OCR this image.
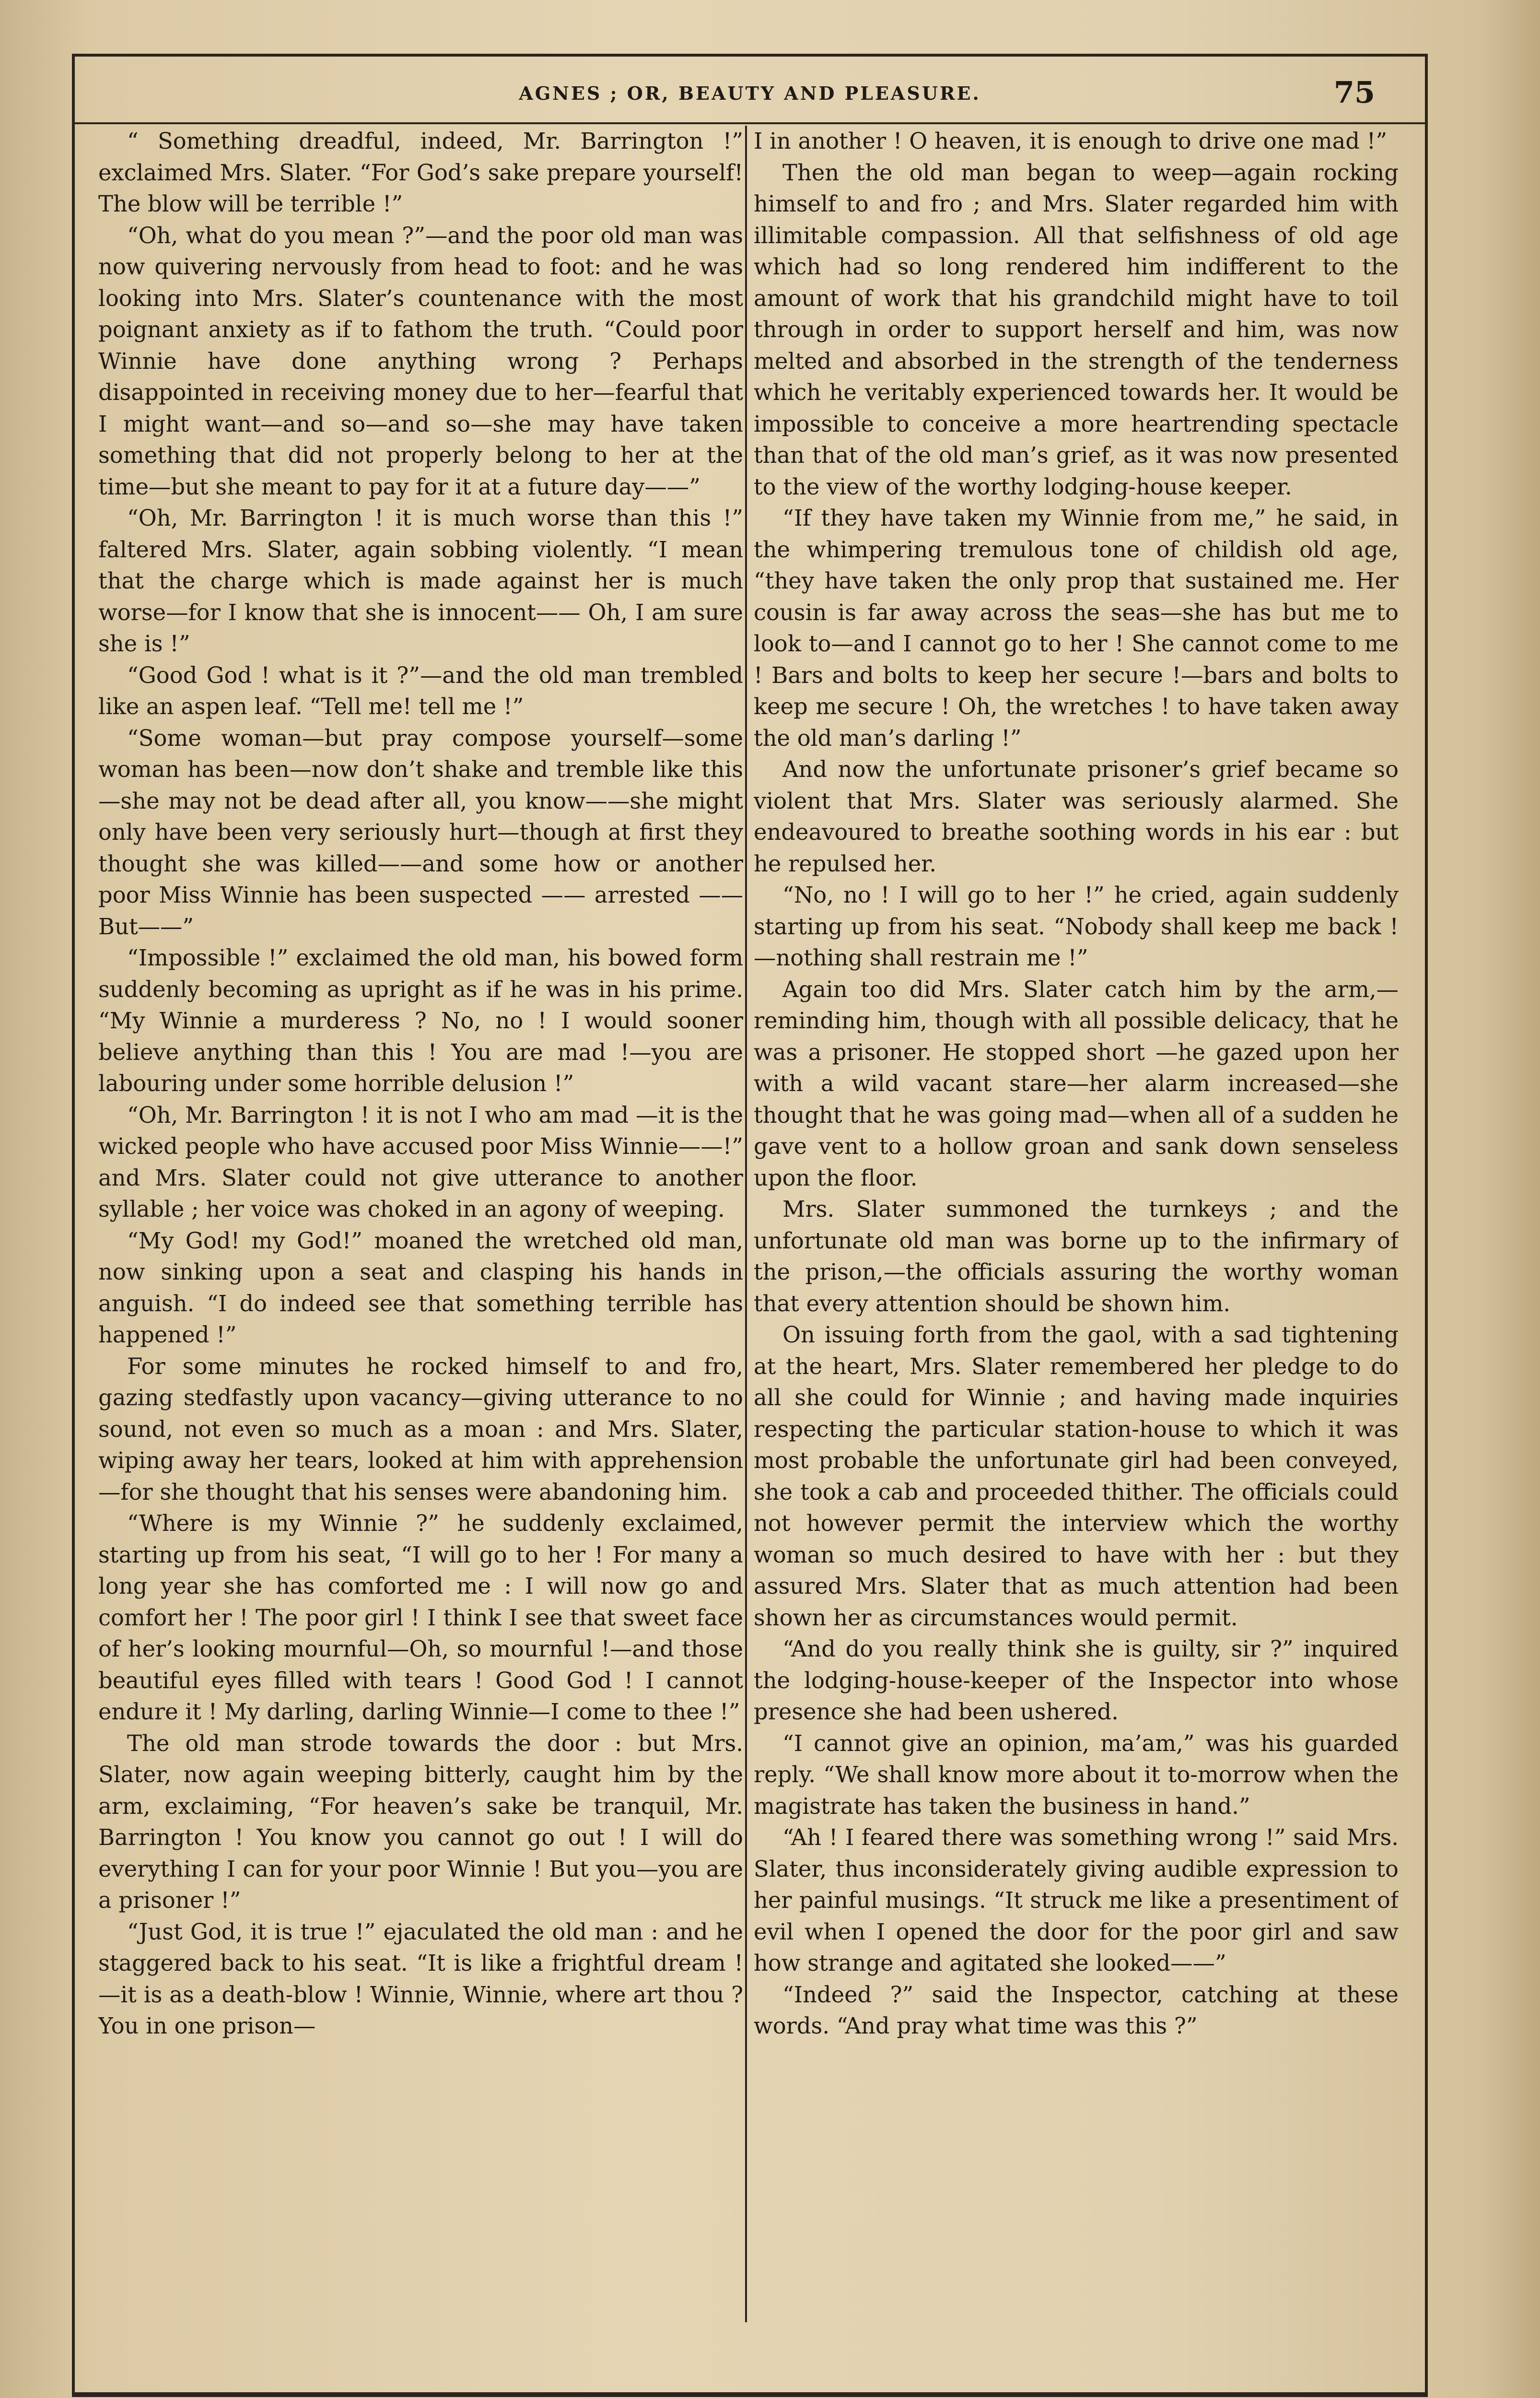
AGNES ; OR, BEAUTY AND PLEASURE.	75

“ Something dreadful, indeed, Mr. Barrington !” exclaimed Mrs. Slater. “For God’s sake prepare yourself! The blow will be terrible !”

“Oh, what do you mean ?”—and the poor old man was now quivering nervously from head to foot: and he was looking into Mrs. Slater’s countenance with the most poignant anxiety as if to fathom the truth. “Could poor Winnie have done anything wrong ? Perhaps disappointed in receiving money due to her—fearful that I might want—and so—and so—she may have taken something that did not properly belong to her at the time—but she meant to pay for it at a future day——”

“Oh, Mr. Barrington ! it is much worse than this !” faltered Mrs. Slater, again sobbing violently. “I mean that the charge which is made against her is much worse—for I know that she is innocent—— Oh, I am sure she is !”

“Good God ! what is it ?”—and the old man trembled like an aspen leaf. “Tell me! tell me !”

“Some woman—but pray compose yourself—some woman has been—now don’t shake and tremble like this—she may not be dead after all, you know——she might only have been very seriously hurt—though at first they thought she was killed——and some how or another poor Miss Winnie has been suspected —— arrested —— But——”

“Impossible !” exclaimed the old man, his bowed form suddenly becoming as upright as if he was in his prime. “My Winnie a murderess ? No, no ! I would sooner believe anything than this ! You are mad !—you are labouring under some horrible delusion !”

“Oh, Mr. Barrington ! it is not I who am mad —it is the wicked people who have accused poor Miss Winnie——!” and Mrs. Slater could not give utterance to another syllable ; her voice was choked in an agony of weeping.

“My God! my God!” moaned the wretched old man, now sinking upon a seat and clasping his hands in anguish. “I do indeed see that something terrible has happened !”

For some minutes he rocked himself to and fro, gazing stedfastly upon vacancy—giving utterance to no sound, not even so much as a moan : and Mrs. Slater, wiping away her tears, looked at him with apprehension—for she thought that his senses were abandoning him.

“Where is my Winnie ?” he suddenly exclaimed, starting up from his seat, “I will go to her ! For many a long year she has comforted me : I will now go and comfort her ! The poor girl ! I think I see that sweet face of her’s looking mournful—Oh, so mournful !—and those beautiful eyes filled with tears ! Good God ! I cannot endure it ! My darling, darling Winnie—I come to thee !”

The old man strode towards the door : but Mrs. Slater, now again weeping bitterly, caught him by the arm, exclaiming, “For heaven’s sake be tranquil, Mr. Barrington ! You know you cannot go out ! I will do everything I can for your poor Winnie ! But you—you are a prisoner !”

“Just God, it is true !” ejaculated the old man : and he staggered back to his seat. “It is like a frightful dream !—it is as a death-blow ! Winnie, Winnie, where art thou ? You in one prison—

I in another ! O heaven, it is enough to drive one mad !”

Then the old man began to weep—again rocking himself to and fro ; and Mrs. Slater regarded him with illimitable compassion. All that selfishness of old age which had so long rendered him indifferent to the amount of work that his grandchild might have to toil through in order to support herself and him, was now melted and absorbed in the strength of the tenderness which he veritably experienced towards her. It would be impossible to conceive a more heartrending spectacle than that of the old man’s grief, as it was now presented to the view of the worthy lodging-house keeper.

“If they have taken my Winnie from me,” he said, in the whimpering tremulous tone of childish old age, “they have taken the only prop that sustained me. Her cousin is far away across the seas—she has but me to look to—and I cannot go to her ! She cannot come to me ! Bars and bolts to keep her secure !—bars and bolts to keep me secure ! Oh, the wretches ! to have taken away the old man’s darling !”

And now the unfortunate prisoner’s grief became so violent that Mrs. Slater was seriously alarmed. She endeavoured to breathe soothing words in his ear : but he repulsed her.

“No, no ! I will go to her !” he cried, again suddenly starting up from his seat. “Nobody shall keep me back !—nothing shall restrain me !”

Again too did Mrs. Slater catch him by the arm,—reminding him, though with all possible delicacy, that he was a prisoner. He stopped short —he gazed upon her with a wild vacant stare—her alarm increased—she thought that he was going mad—when all of a sudden he gave vent to a hollow groan and sank down senseless upon the floor.

Mrs. Slater summoned the turnkeys ; and the unfortunate old man was borne up to the infirmary of the prison,—the officials assuring the worthy woman that every attention should be shown him.

On issuing forth from the gaol, with a sad tightening at the heart, Mrs. Slater remembered her pledge to do all she could for Winnie ; and having made inquiries respecting the particular station-house to which it was most probable the unfortunate girl had been conveyed, she took a cab and proceeded thither. The officials could not however permit the interview which the worthy woman so much desired to have with her : but they assured Mrs. Slater that as much attention had been shown her as circumstances would permit.

“And do you really think she is guilty, sir ?” inquired the lodging-house-keeper of the Inspector into whose presence she had been ushered.

“I cannot give an opinion, ma’am,” was his guarded reply. “We shall know more about it to-morrow when the magistrate has taken the business in hand.”

“Ah ! I feared there was something wrong !” said Mrs. Slater, thus inconsiderately giving audible expression to her painful musings. “It struck me like a presentiment of evil when I opened the door for the poor girl and saw how strange and agitated she looked——”

“Indeed ?” said the Inspector, catching at these words. “And pray what time was this ?”
